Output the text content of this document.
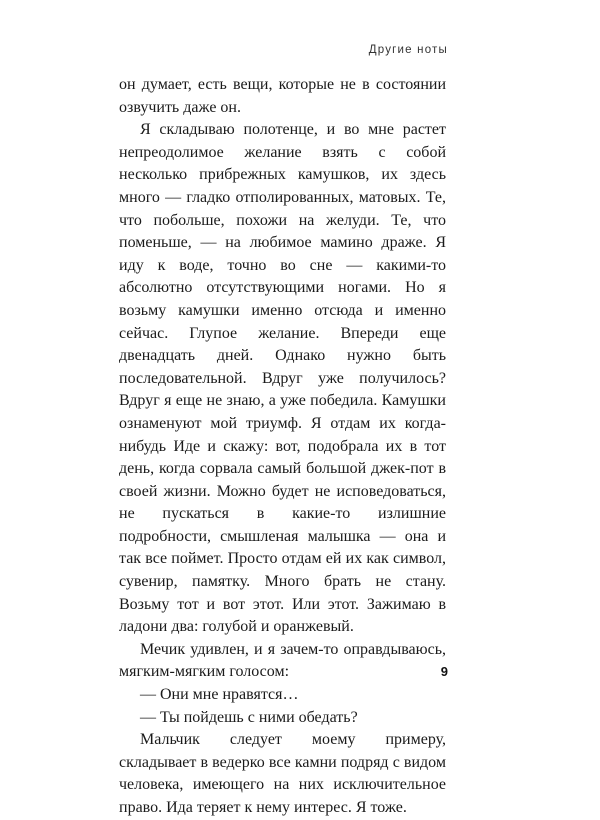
Другие ноты

он думает, есть вещи, которые не в состоянии озвучить даже он.

Я складываю полотенце, и во мне растет непреодолимое желание взять с собой несколько прибрежных камушков, их здесь много — гладко отполированных, матовых. Те, что побольше, похожи на желуди. Те, что поменьше, — на любимое мамино драже. Я иду к воде, точно во сне — какими-то абсолютно отсутствующими ногами. Но я возьму камушки именно отсюда и именно сейчас. Глупое желание. Впереди еще двенадцать дней. Однако нужно быть последовательной. Вдруг уже получилось? Вдруг я еще не знаю, а уже победила. Камушки ознаменуют мой триумф. Я отдам их когда-нибудь Иде и скажу: вот, подобрала их в тот день, когда сорвала самый большой джек-пот в своей жизни. Можно будет не исповедоваться, не пускаться в какие-то излишние подробности, смышленая малышка — она и так все поймет. Просто отдам ей их как символ, сувенир, памятку. Много брать не стану. Возьму тот и вот этот. Или этот. Зажимаю в ладони два: голубой и оранжевый.

Мечик удивлен, и я зачем-то оправдываюсь, мягким-мягким голосом:

— Они мне нравятся…

— Ты пойдешь с ними обедать?

Мальчик следует моему примеру, складывает в ведерко все камни подряд с видом человека, имеющего на них исключительное право. Ида теряет к нему интерес. Я тоже.

9
